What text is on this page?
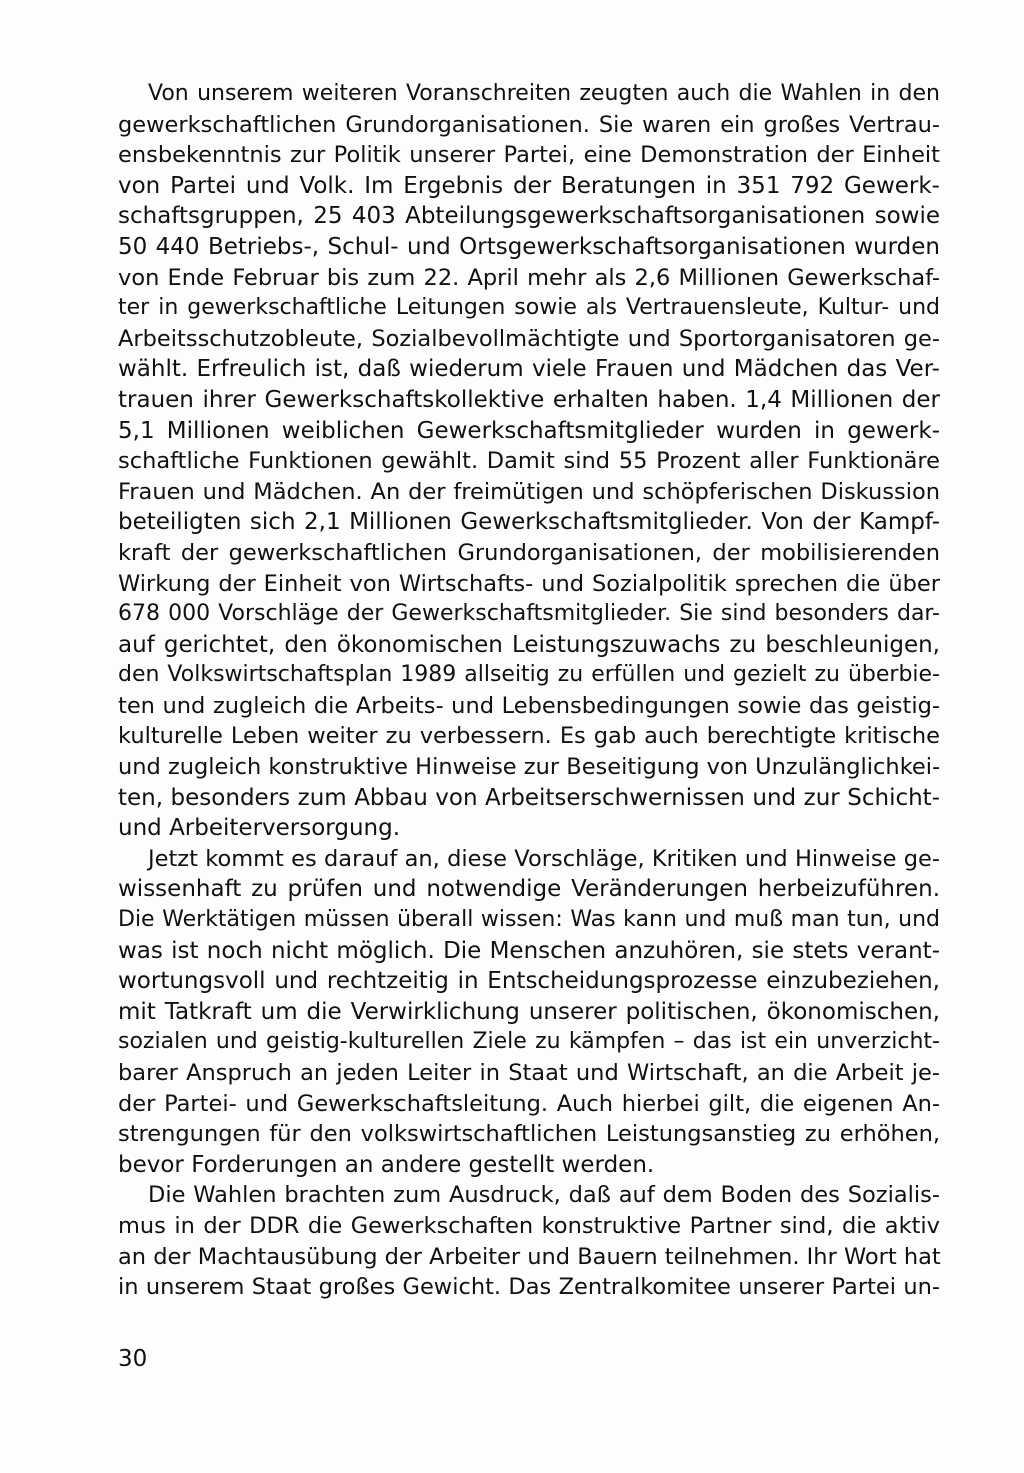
Von unserem weiteren Voranschreiten zeugten auch die Wahlen in den
gewerkschaftlichen Grundorganisationen. Sie waren ein großes Vertrau-
ensbekenntnis zur Politik unserer Partei, eine Demonstration der Einheit
von Partei und Volk. Im Ergebnis der Beratungen in 351 792 Gewerk-
schaftsgruppen, 25 403 Abteilungsgewerkschaftsorganisationen sowie
50 440 Betriebs-, Schul- und Ortsgewerkschaftsorganisationen wurden
von Ende Februar bis zum 22. April mehr als 2,6 Millionen Gewerkschaf-
ter in gewerkschaftliche Leitungen sowie als Vertrauensleute, Kultur- und
Arbeitsschutzobleute, Sozialbevollmächtigte und Sportorganisatoren ge-
wählt. Erfreulich ist, daß wiederum viele Frauen und Mädchen das Ver-
trauen ihrer Gewerkschaftskollektive erhalten haben. 1,4 Millionen der
5,1 Millionen weiblichen Gewerkschaftsmitglieder wurden in gewerk-
schaftliche Funktionen gewählt. Damit sind 55 Prozent aller Funktionäre
Frauen und Mädchen. An der freimütigen und schöpferischen Diskussion
beteiligten sich 2,1 Millionen Gewerkschaftsmitglieder. Von der Kampf-
kraft der gewerkschaftlichen Grundorganisationen, der mobilisierenden
Wirkung der Einheit von Wirtschafts- und Sozialpolitik sprechen die über
678 000 Vorschläge der Gewerkschaftsmitglieder. Sie sind besonders dar-
auf gerichtet, den ökonomischen Leistungszuwachs zu beschleunigen,
den Volkswirtschaftsplan 1989 allseitig zu erfüllen und gezielt zu überbie-
ten und zugleich die Arbeits- und Lebensbedingungen sowie das geistig-
kulturelle Leben weiter zu verbessern. Es gab auch berechtigte kritische
und zugleich konstruktive Hinweise zur Beseitigung von Unzulänglichkei-
ten, besonders zum Abbau von Arbeitserschwernissen und zur Schicht-
und Arbeiterversorgung.
Jetzt kommt es darauf an, diese Vorschläge, Kritiken und Hinweise ge-
wissenhaft zu prüfen und notwendige Veränderungen herbeizuführen.
Die Werktätigen müssen überall wissen: Was kann und muß man tun, und
was ist noch nicht möglich. Die Menschen anzuhören, sie stets verant-
wortungsvoll und rechtzeitig in Entscheidungsprozesse einzubeziehen,
mit Tatkraft um die Verwirklichung unserer politischen, ökonomischen,
sozialen und geistig-kulturellen Ziele zu kämpfen – das ist ein unverzicht-
barer Anspruch an jeden Leiter in Staat und Wirtschaft, an die Arbeit je-
der Partei- und Gewerkschaftsleitung. Auch hierbei gilt, die eigenen An-
strengungen für den volkswirtschaftlichen Leistungsanstieg zu erhöhen,
bevor Forderungen an andere gestellt werden.
Die Wahlen brachten zum Ausdruck, daß auf dem Boden des Sozialis-
mus in der DDR die Gewerkschaften konstruktive Partner sind, die aktiv
an der Machtausübung der Arbeiter und Bauern teilnehmen. Ihr Wort hat
in unserem Staat großes Gewicht. Das Zentralkomitee unserer Partei un-
30
